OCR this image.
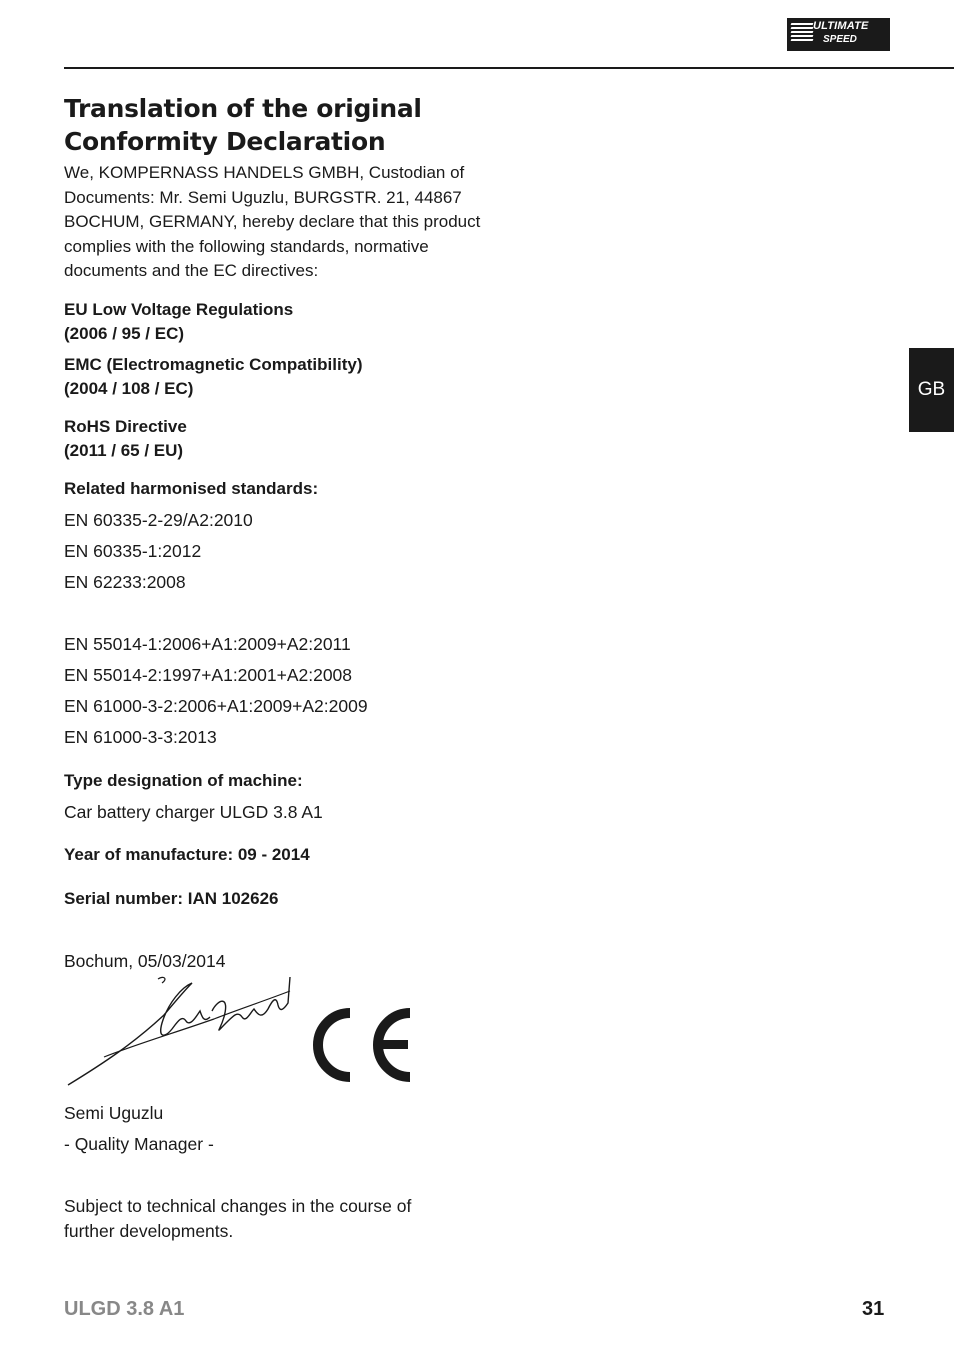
ULTIMATE
SPEED
GB
Translation of the original
Conformity Declaration

We, KOMPERNASS HANDELS GMBH, Custodian of Documents: Mr. Semi Uguzlu, BURGSTR. 21, 44867 BOCHUM, GERMANY, hereby declare that this product complies with the following standards, normative documents and the EC directives:

EU Low Voltage Regulations

(2006 / 95 / EC)

EMC (Electromagnetic Compatibility)

(2004 / 108 / EC)

RoHS Directive

(2011 / 65 / EU)

Related harmonised standards:

EN 60335-2-29/A2:2010

EN 60335-1:2012

EN 62233:2008

EN 55014-1:2006+A1:2009+A2:2011

EN 55014-2:1997+A1:2001+A2:2008

EN 61000-3-2:2006+A1:2009+A2:2009

EN 61000-3-3:2013

Type designation of machine:

Car battery charger ULGD 3.8 A1

Year of manufacture: 09 - 2014

Serial number: IAN 102626

Bochum, 05/03/2014

Semi Uguzlu

- Quality Manager -

Subject to technical changes in the course of further developments.

ULGD 3.8 A1	31
